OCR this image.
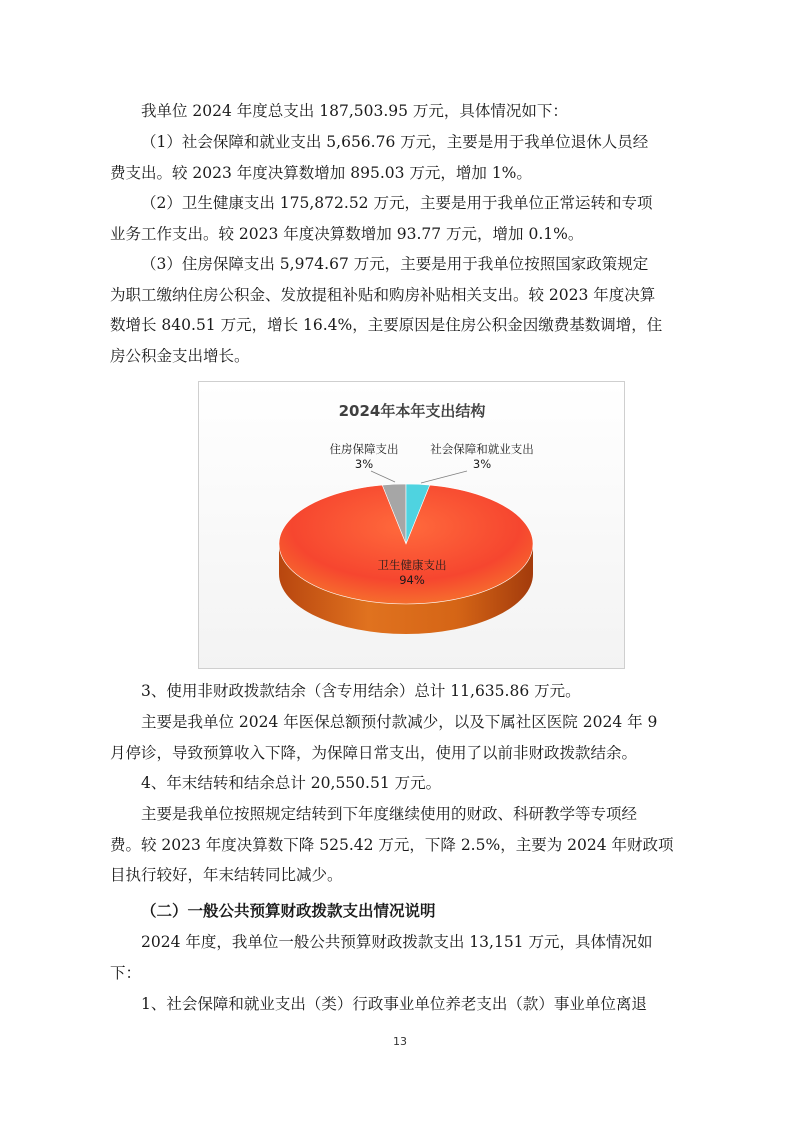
我单位 2024 年度总支出 187,503.95 万元，具体情况如下：

（1）社会保障和就业支出 5,656.76 万元，主要是用于我单位退休人员经
费支出。较 2023 年度决算数增加 895.03 万元，增加 1%。

（2）卫生健康支出 175,872.52 万元，主要是用于我单位正常运转和专项
业务工作支出。较 2023 年度决算数增加 93.77 万元，增加 0.1%。

（3）住房保障支出 5,974.67 万元，主要是用于我单位按照国家政策规定
为职工缴纳住房公积金、发放提租补贴和购房补贴相关支出。较 2023 年度决算
数增长 840.51 万元，增长 16.4%，主要原因是住房公积金因缴费基数调增，住
房公积金支出增长。

2024年本年支出结构
住房保障支出
3%
社会保障和就业支出
3%
卫生健康支出
94%

3、使用非财政拨款结余（含专用结余）总计 11,635.86 万元。

主要是我单位 2024 年医保总额预付款减少，以及下属社区医院 2024 年 9
月停诊，导致预算收入下降，为保障日常支出，使用了以前非财政拨款结余。

4、年末结转和结余总计 20,550.51 万元。

主要是我单位按照规定结转到下年度继续使用的财政、科研教学等专项经
费。较 2023 年度决算数下降 525.42 万元，下降 2.5%，主要为 2024 年财政项
目执行较好，年末结转同比减少。

（二）一般公共预算财政拨款支出情况说明

2024 年度，我单位一般公共预算财政拨款支出 13,151 万元，具体情况如
下：

1、社会保障和就业支出（类）行政事业单位养老支出（款）事业单位离退

13
